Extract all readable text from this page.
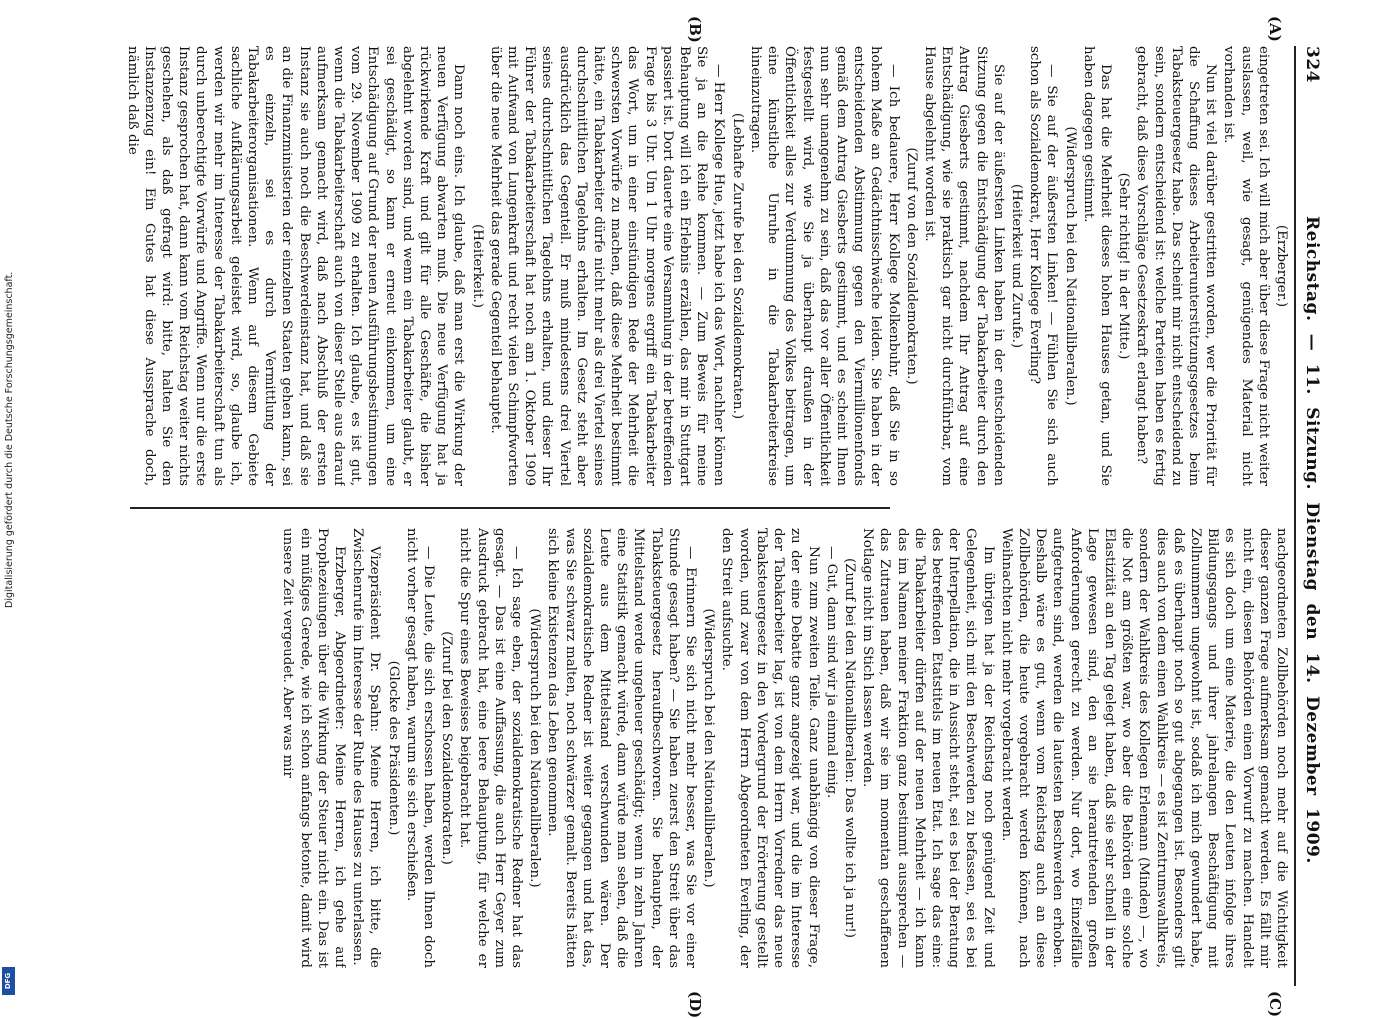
324
Reichstag. — 11. Sitzung. Dienstag den 14. Dezember 1909.

(Erzberger.)

eingetreten sei. Ich will mich aber über diese Frage nicht weiter auslassen, weil, wie gesagt, genügendes Material nicht vorhanden ist.

Nun ist viel darüber gestritten worden, wer die Priorität für die Schaffung dieses Arbeiterunterstützungsgesetzes beim Tabaksteuergesetz habe. Das scheint mir nicht entscheidend zu sein, sondern entscheidend ist: welche Parteien haben es fertig gebracht, daß diese Vorschläge Gesetzeskraft erlangt haben?

(Sehr richtig! in der Mitte.)

Das hat die Mehrheit dieses hohen Hauses getan, und Sie haben dagegen gestimmt.

(Widerspruch bei den Nationalliberalen.)

— Sie auf der äußersten Linken! — Fühlen Sie sich auch schon als Sozialdemokrat, Herr Kollege Everling?

(Heiterkeit und Zurufe.)

Sie auf der äußersten Linken haben in der entscheidenden Sitzung gegen die Entschädigung der Tabakarbeiter durch den Antrag Giesberts gestimmt, nachdem Ihr Antrag auf eine Entschädigung, wie sie praktisch gar nicht durchführbar, vom Hause abgelehnt worden ist.

(Zuruf von den Sozialdemokraten.)

— Ich bedauere, Herr Kollege Molkenbuhr, daß Sie in so hohem Maße an Gedächtnisschwäche leiden. Sie haben in der entscheidenden Abstimmung gegen den Viermillionenfonds gemäß dem Antrag Giesberts gestimmt, und es scheint Ihnen nun sehr unangenehm zu sein, daß das vor aller Öffentlichkeit festgestellt wird, wie Sie ja überhaupt draußen in der Öffentlichkeit alles zur Verdummung des Volkes beitragen, um eine künstliche Unruhe in die Tabakarbeiterkreise hineinzutragen.

(Lebhafte Zurufe bei den Sozialdemokraten.)

— Herr Kollege Hue, jetzt habe ich das Wort, nachher können Sie ja an die Reihe kommen. — Zum Beweis für meine Behauptung will ich ein Erlebnis erzählen, das mir in Stuttgart passiert ist. Dort dauerte eine Versammlung in der betreffenden Frage bis 3 Uhr. Um 1 Uhr morgens ergriff ein Tabakarbeiter das Wort, um in einer einstündigen Rede der Mehrheit die schwersten Vorwürfe zu machen, daß diese Mehrheit bestimmt hätte, ein Tabakarbeiter dürfe nicht mehr als drei Viertel seines durchschnittlichen Tagelohns erhalten. Im Gesetz steht aber ausdrücklich das Gegenteil. Er muß mindestens drei Viertel seines durchschnittlichen Tagelohns erhalten, und dieser Ihr Führer der Tabakarbeiterschaft hat noch am 1. Oktober 1909 mit Aufwand von Lungenkraft und recht vielen Schimpfworten über die neue Mehrheit das gerade Gegenteil behauptet.

(Heiterkeit.)

Dann noch eins. Ich glaube, daß man erst die Wirkung der neuen Verfügung abwarten muß. Die neue Verfügung hat ja rückwirkende Kraft und gilt für alle Geschäfte, die bisher abgelehnt worden sind, und wenn ein Tabakarbeiter glaubt, er sei geschädigt, so kann er erneut einkommen, um eine Entschädigung auf Grund der neuen Ausführungsbestimmungen vom 29. November 1909 zu erhalten. Ich glaube, es ist gut, wenn die Tabakarbeiterschaft auch von dieser Stelle aus darauf aufmerksam gemacht wird, daß nach Abschluß der ersten Instanz sie auch noch die Beschwerdeinstanz hat, und daß sie an die Finanzministerien der einzelnen Staaten gehen kann, sei es einzeln, sei es durch Vermittlung der Tabakarbeiterorganisationen. Wenn auf diesem Gebiete sachliche Aufklärungsarbeit geleistet wird, so, glaube ich, werden wir mehr im Interesse der Tabakarbeiterschaft tun als durch unberechtigte Vorwürfe und Angriffe. Wenn nur die erste Instanz gesprochen hat, dann kann vom Reichstag weiter nichts geschehen, als daß gefragt wird: bitte, halten Sie den Instanzenzug ein! Ein Gutes hat diese Aussprache doch, nämlich daß die

nachgeordneten Zollbehörden noch mehr auf die Wichtigkeit dieser ganzen Frage aufmerksam gemacht werden. Es fällt mir nicht ein, diesen Behörden einen Vorwurf zu machen. Handelt es sich doch um eine Materie, die den Leuten infolge ihres Bildungsgangs und ihrer jahrelangen Beschäftigung mit Zollnummern ungewohnt ist, sodaß ich mich gewundert habe, daß es überhaupt noch so gut abgegangen ist. Besonders gilt dies auch von dem einen Wahlkreis — es ist Zentrumswahlkreis, sondern der Wahlkreis des Kollegen Erlemann (Minden) —, wo die Not am größten war, wo aber die Behörden eine solche Elastizität an den Tag gelegt haben, daß sie sehr schnell in der Lage gewesen sind, den an sie herantretenden großen Anforderungen gerecht zu werden. Nur dort, wo Einzelfälle aufgetreten sind, werden die lautesten Beschwerden erhoben. Deshalb wäre es gut, wenn vom Reichstag auch an diese Zollbehörden, die heute vorgebracht werden können, nach Weihnachten nicht mehr vorgebracht werden.

Im übrigen hat ja der Reichstag noch genügend Zeit und Gelegenheit, sich mit den Beschwerden zu befassen, sei es bei der Interpellation, die in Aussicht steht, sei es bei der Beratung des betreffenden Etatstitels im neuen Etat. Ich sage das eine: die Tabakarbeiter dürfen auf der neuen Mehrheit — ich kann das im Namen meiner Fraktion ganz bestimmt aussprechen — das Zutrauen haben, daß wir sie im momentan geschaffenen Notlage nicht im Stich lassen werden.

(Zuruf bei den Nationalliberalen: Das wollte ich ja nur!)

— Gut, dann sind wir ja einmal einig.

Nun zum zweiten Teile. Ganz unabhängig von dieser Frage, zu der eine Debatte ganz angezeigt war, und die im Interesse der Tabakarbeiter lag, ist von dem Herrn Vorredner das neue Tabaksteuergesetz in den Vordergrund der Erörterung gestellt worden, und zwar von dem Herrn Abgeordneten Everling, der den Streit aufsuchte.

(Widerspruch bei den Nationalliberalen.)

— Erinnern Sie sich nicht mehr besser, was Sie vor einer Stunde gesagt haben? — Sie haben zuerst den Streit über das Tabaksteuergesetz heraufbeschworen. Sie behaupten, der Mittelstand werde ungeheuer geschädigt; wenn in zehn Jahren eine Statistik gemacht würde, dann würde man sehen, daß die Leute aus dem Mittelstand verschwunden wären. Der sozialdemokratische Redner ist weiter gegangen und hat das, was Sie schwarz malten, noch schwärzer gemalt. Bereits hätten sich kleine Existenzen das Leben genommen.

(Widerspruch bei den Nationalliberalen.)

— Ich sage eben, der sozialdemokratische Redner hat das gesagt. — Das ist eine Auffassung, die auch Herr Geyer zum Ausdruck gebracht hat, eine leere Behauptung, für welche er nicht die Spur eines Beweises beigebracht hat.

(Zuruf bei den Sozialdemokraten.)

— Die Leute, die sich erschossen haben, werden Ihnen doch nicht vorher gesagt haben, warum sie sich erschießen.

(Glocke des Präsidenten.)

Vizepräsident Dr. Spahn: Meine Herren, ich bitte, die Zwischenrufe im Interesse der Ruhe des Hauses zu unterlassen.

Erzberger, Abgeordneter: Meine Herren, ich gehe auf Prophezeiungen über die Wirkung der Steuer nicht ein. Das ist ein müßiges Gerede, wie ich schon anfangs betonte, damit wird unsere Zeit vergeudet. Aber was mir

(A)
(B)
(C)
(D)
Digitalisierung gefördert durch die Deutsche Forschungsgemeinschaft.
DFG
